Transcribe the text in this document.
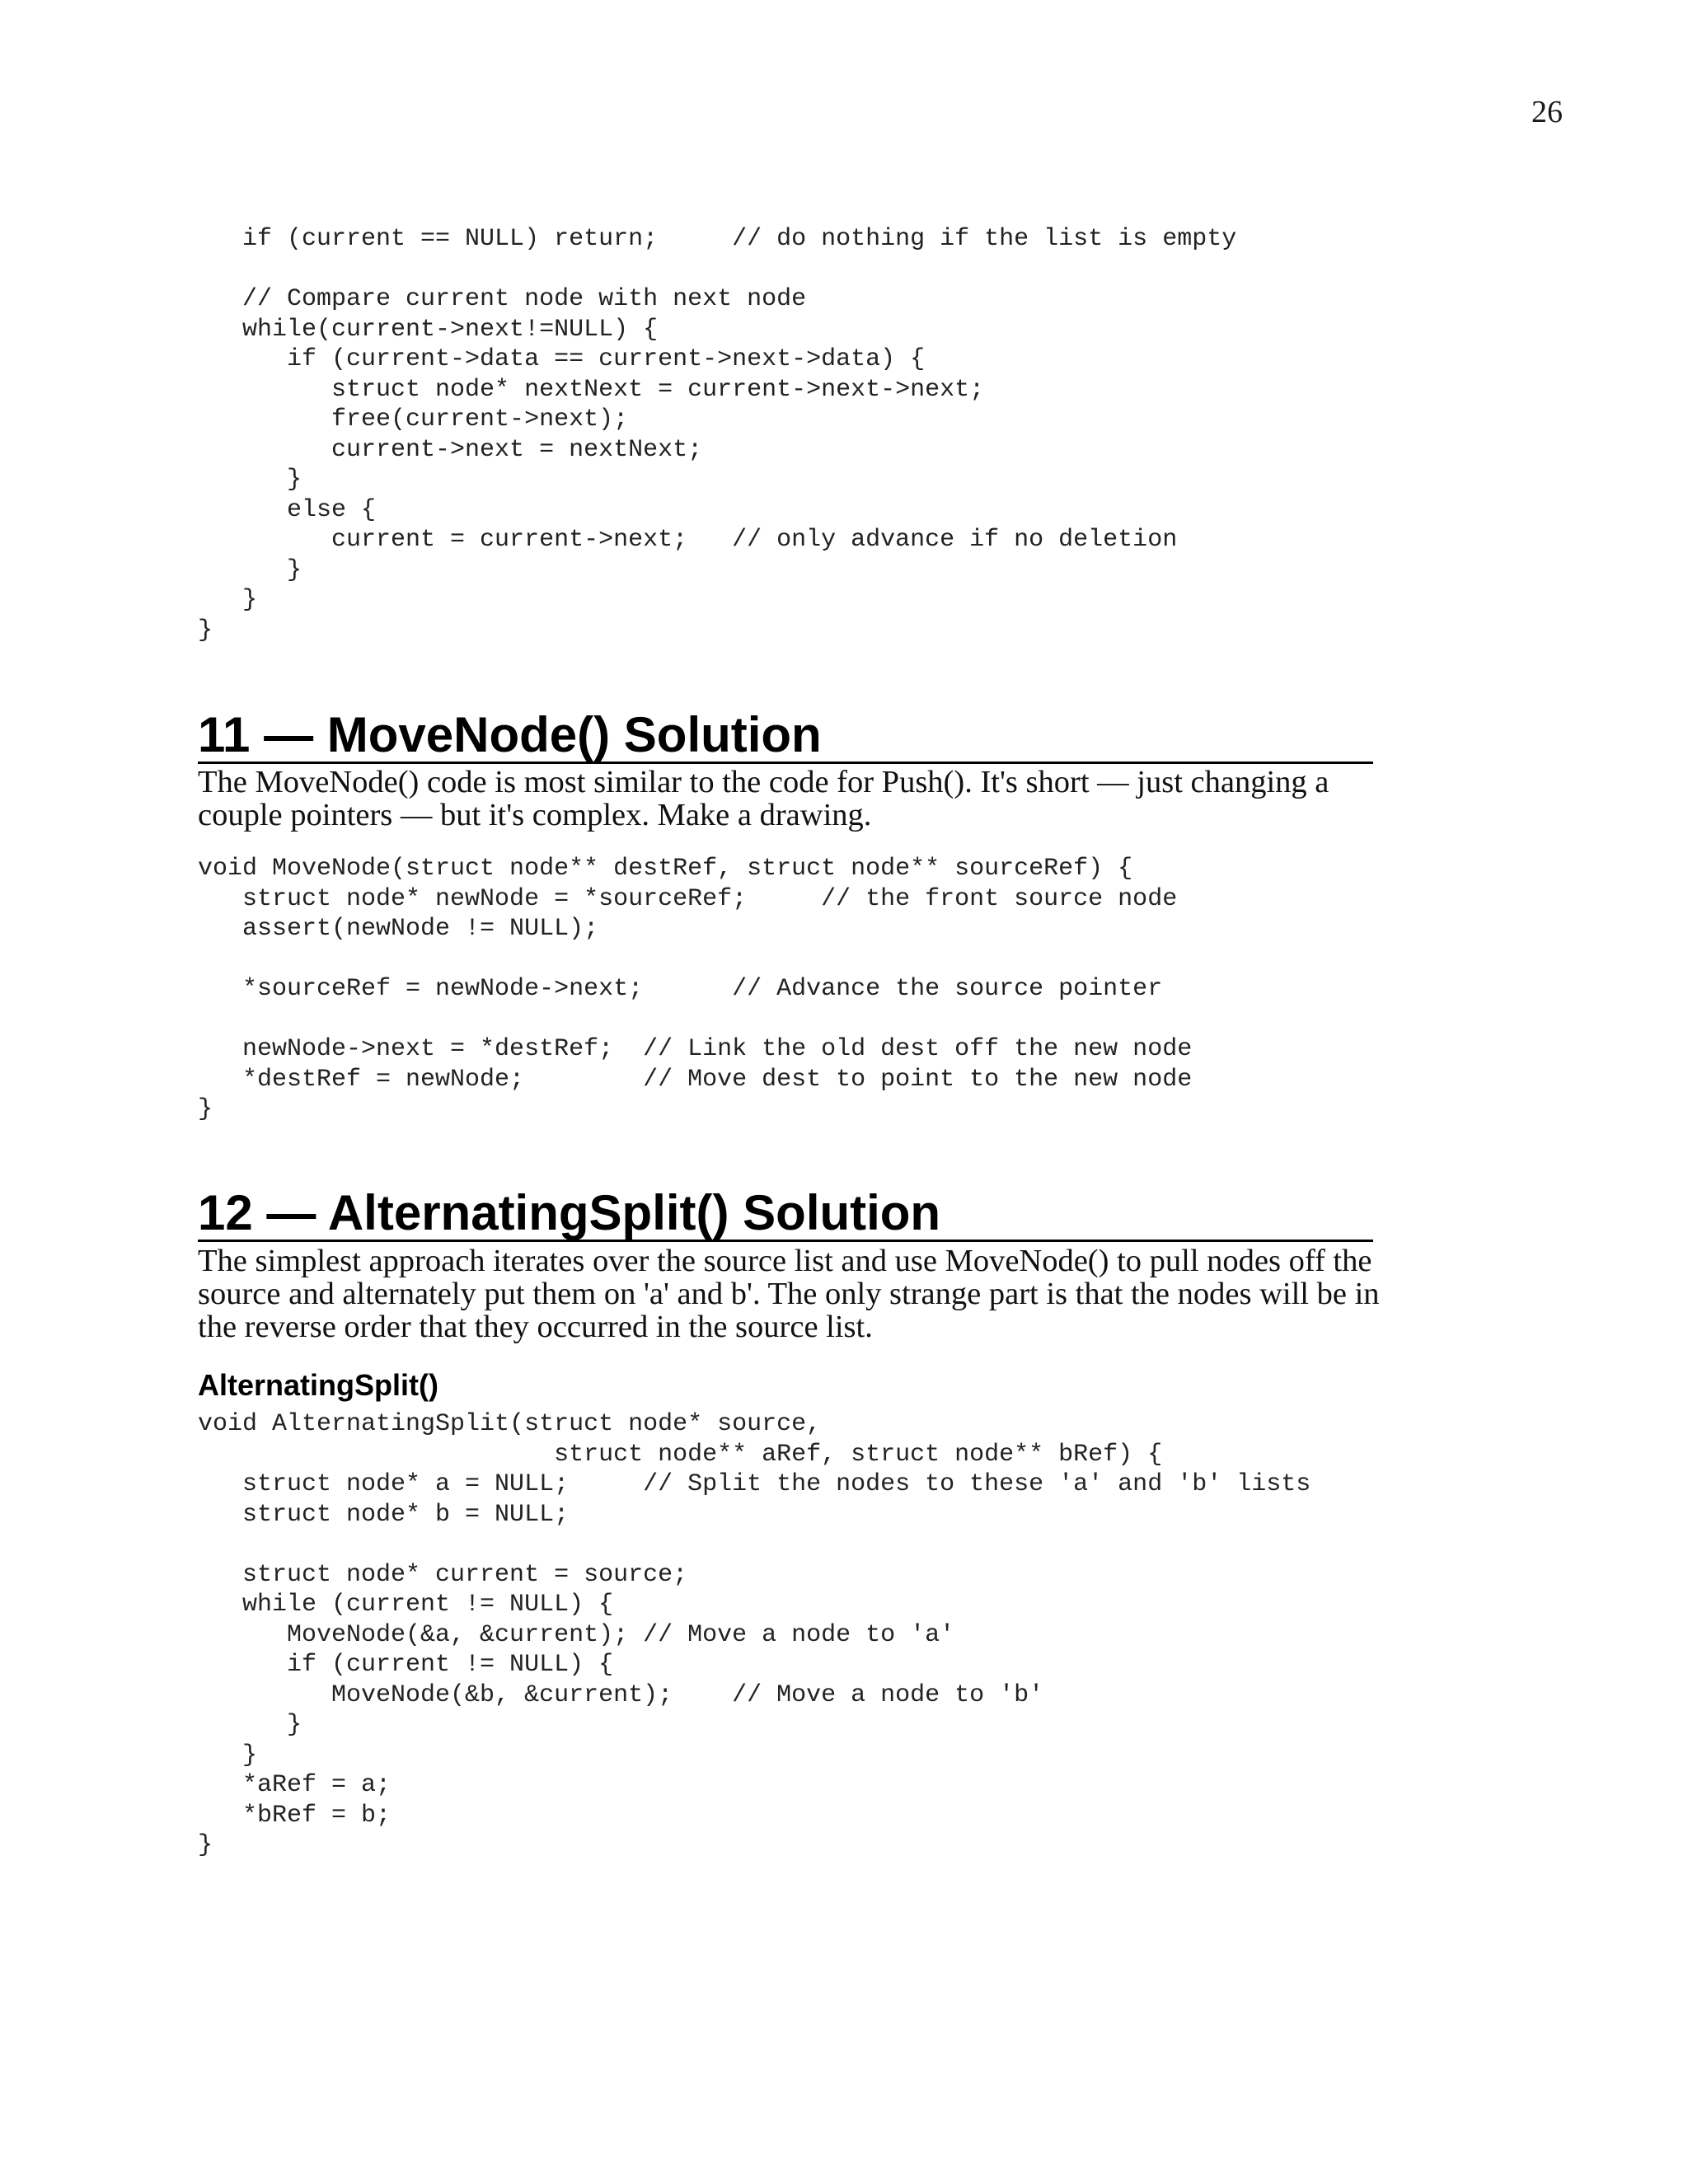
26
if (current == NULL) return;     // do nothing if the list is empty
// Compare current node with next node
while(current->next!=NULL) {
if (current->data == current->next->data) {
struct node* nextNext = current->next->next;
free(current->next);
current->next = nextNext;
}
else {
current = current->next;   // only advance if no deletion
}
}
}
11 — MoveNode() Solution

The MoveNode() code is most similar to the code for Push(). It's short — just changing a couple pointers — but it's complex. Make a drawing.

void MoveNode(struct node** destRef, struct node** sourceRef) {
struct node* newNode = *sourceRef;     // the front source node
assert(newNode != NULL);
*sourceRef = newNode->next;      // Advance the source pointer
newNode->next = *destRef;  // Link the old dest off the new node
*destRef = newNode;        // Move dest to point to the new node
}
12 — AlternatingSplit() Solution

The simplest approach iterates over the source list and use MoveNode() to pull nodes off the source and alternately put them on 'a' and b'. The only strange part is that the nodes will be in the reverse order that they occurred in the source list.

AlternatingSplit()
void AlternatingSplit(struct node* source,
struct node** aRef, struct node** bRef) {
struct node* a = NULL;     // Split the nodes to these 'a' and 'b' lists
struct node* b = NULL;
struct node* current = source;
while (current != NULL) {
MoveNode(&a, &current); // Move a node to 'a'
if (current != NULL) {
MoveNode(&b, &current);    // Move a node to 'b'
}
}
*aRef = a;
*bRef = b;
}
